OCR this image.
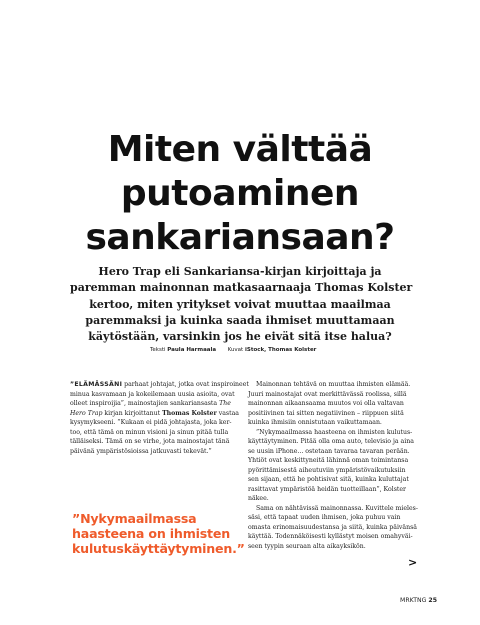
Miten välttää
putoaminen
sankariansaan?

Hero Trap eli Sankariansa-kirjan kirjoittaja ja
paremman mainonnan matkasaarnaaja Thomas Kolster
kertoo, miten yritykset voivat muuttaa maailmaa
paremmaksi ja kuinka saada ihmiset muuttamaan
käytöstään, varsinkin jos he eivät sitä itse halua?

Teksti Paula Harmaala Kuvat iStock, Thomas Kolster
”ELÄMÄSSÄNI parhaat johtajat, jotka ovat inspiroineet
minua kasvamaan ja kokeilemaan uusia asioita, ovat
olleet inspiroijia”, mainostajien sankariansasta The
Hero Trap kirjan kirjoittanut Thomas Kolster vastaa
kysymykseeni. ”Kukaan ei pidä johtajasta, joka ker-
too, että tämä on minun visioni ja sinun pitää tulla
tälläiseksi. Tämä on se virhe, jota mainostajat tänä
päivänä ympäristösioissa jatkuvasti tekevät.”
”Nykymaailmassa
haasteena on ihmisten
kulutuskäyttäytyminen.”
Mainonnan tehtävä on muuttaa ihmisten elämää.
Juuri mainostajat ovat merkittävässä roolissa, sillä
mainonnan aikaansaama muutos voi olla valtavan
positiivinen tai sitten negatiivinen – riippuen siitä
kuinka ihmisiin onnistutaan vaikuttamaan.
”Nykymaailmassa haasteena on ihmisten kulutus-
käyttäytyminen. Pitää olla oma auto, televisio ja aina
se uusin iPhone... ostetaan tavaraa tavaran perään.
Yhtiöt ovat keskittyneitä lähinnä oman toimintansa
pyörittämisestä aiheutuviin ympäristövaikutuksiin
sen sijaan, että he pohtisivat sitä, kuinka kuluttajat
rasittavat ympäristöä heidän tuotteillaan”, Kolster
näkee.
Sama on nähtävissä mainonnassa. Kuvittele mieles-
säsi, että tapaat uuden ihmisen, joka puhuu vain
omasta erinomaisuudestansa ja siitä, kuinka päivänsä
käyttää. Todennäköisesti kyllästyt moisen omahyväi-
seen tyypin seuraan alta aikayksikön.
>
MRKTNG 25
